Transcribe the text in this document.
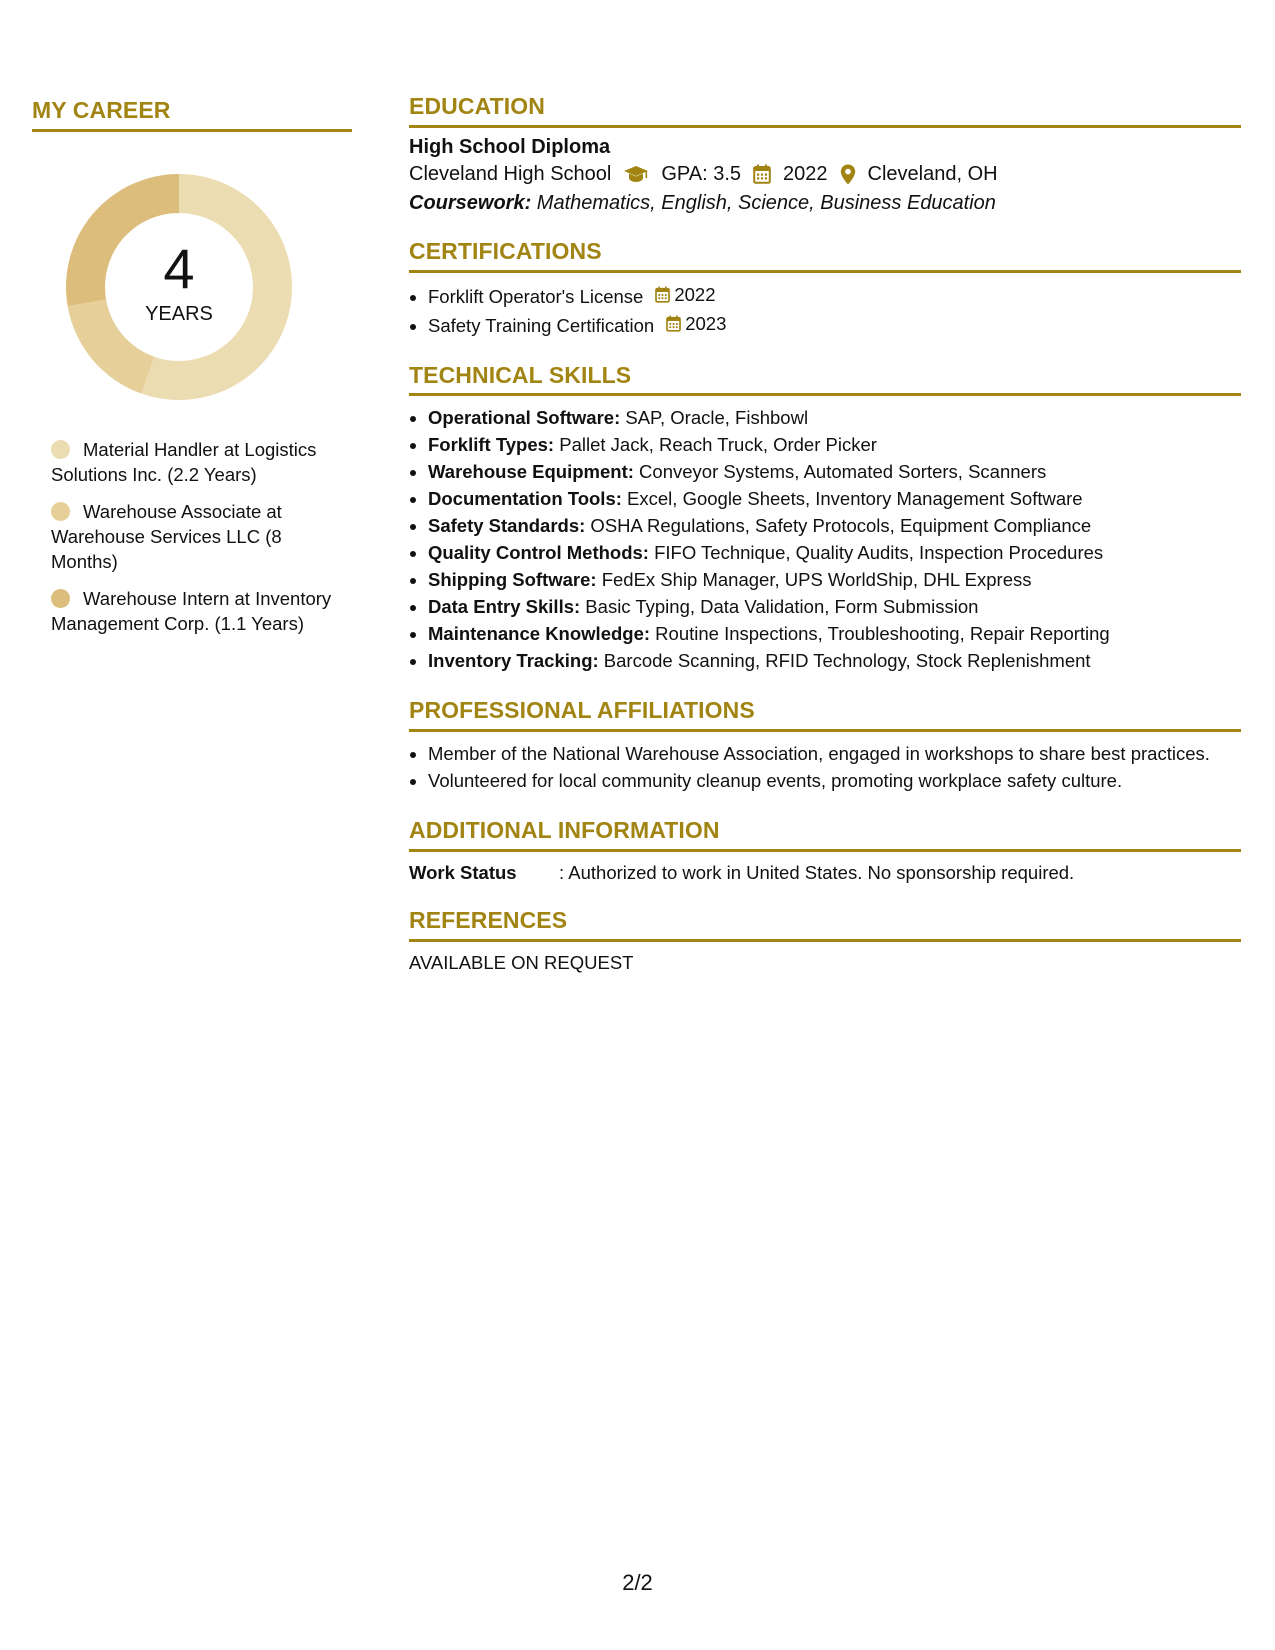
MY CAREER
4
YEARS
Material Handler at Logistics Solutions Inc. (2.2 Years)
Warehouse Associate at Warehouse Services LLC (8 Months)
Warehouse Intern at Inventory Management Corp. (1.1 Years)
EDUCATION
High School Diploma
Cleveland High School	GPA: 3.5 2022 Cleveland, OH
Coursework: Mathematics, English, Science, Business Education
CERTIFICATIONS
• Forklift Operator's License 2022
• Safety Training Certification 2023
TECHNICAL SKILLS
• Operational Software: SAP, Oracle, Fishbowl
• Forklift Types: Pallet Jack, Reach Truck, Order Picker
• Warehouse Equipment: Conveyor Systems, Automated Sorters, Scanners
• Documentation Tools: Excel, Google Sheets, Inventory Management Software
• Safety Standards: OSHA Regulations, Safety Protocols, Equipment Compliance
• Quality Control Methods: FIFO Technique, Quality Audits, Inspection Procedures
• Shipping Software: FedEx Ship Manager, UPS WorldShip, DHL Express
• Data Entry Skills: Basic Typing, Data Validation, Form Submission
• Maintenance Knowledge: Routine Inspections, Troubleshooting, Repair Reporting
• Inventory Tracking: Barcode Scanning, RFID Technology, Stock Replenishment
PROFESSIONAL AFFILIATIONS
• Member of the National Warehouse Association, engaged in workshops to share best practices.
• Volunteered for local community cleanup events, promoting workplace safety culture.
ADDITIONAL INFORMATION
Work Status	: Authorized to work in United States. No sponsorship required.
REFERENCES
AVAILABLE ON REQUEST
2/2
